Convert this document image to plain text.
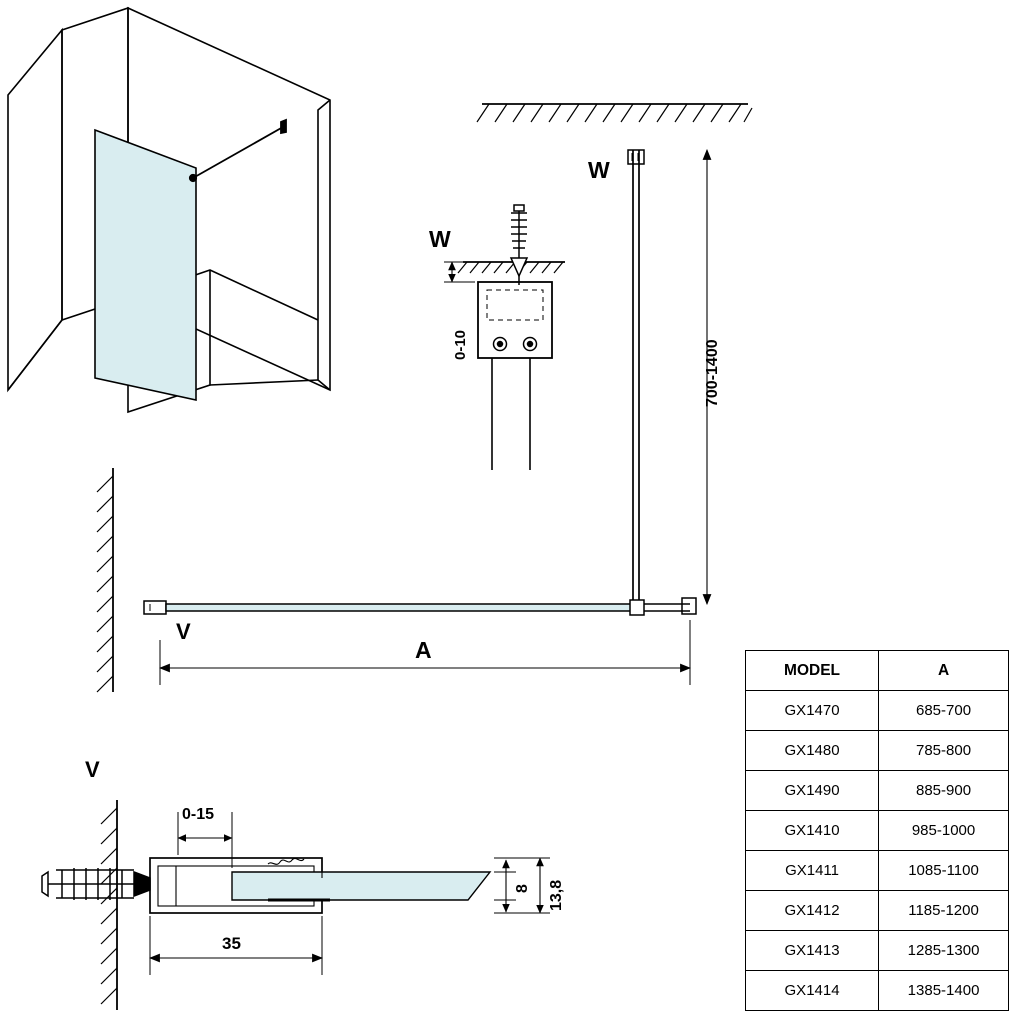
W
W
0-10	700-1400
V
A
V
0-15
8 13,8
35
MODEL	A
GX1470	685-700
GX1480	785-800
GX1490	885-900
GX1410	985-1000
GX1411	1085-1100
GX1412	1185-1200
GX1413	1285-1300
GX1414	1385-1400
